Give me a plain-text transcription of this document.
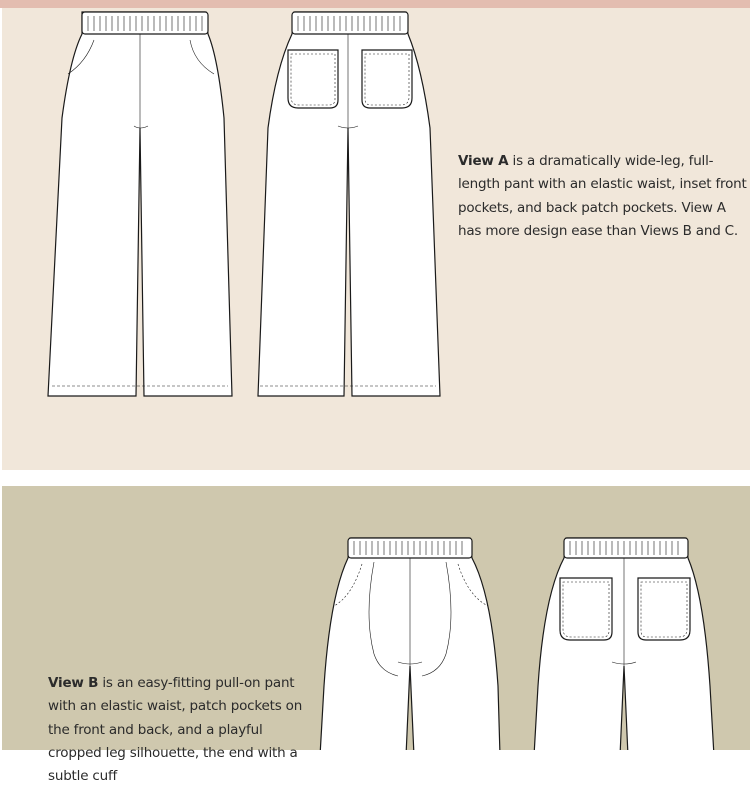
View A is a dramatically wide-leg, full-length pant with an elastic waist, inset front pockets, and back patch pockets. View A has more design ease than Views B and C.

View B is an easy-fitting pull-on pant with an elastic waist, patch pockets on the front and back, and a playful cropped leg silhouette, the end with a subtle cuff
